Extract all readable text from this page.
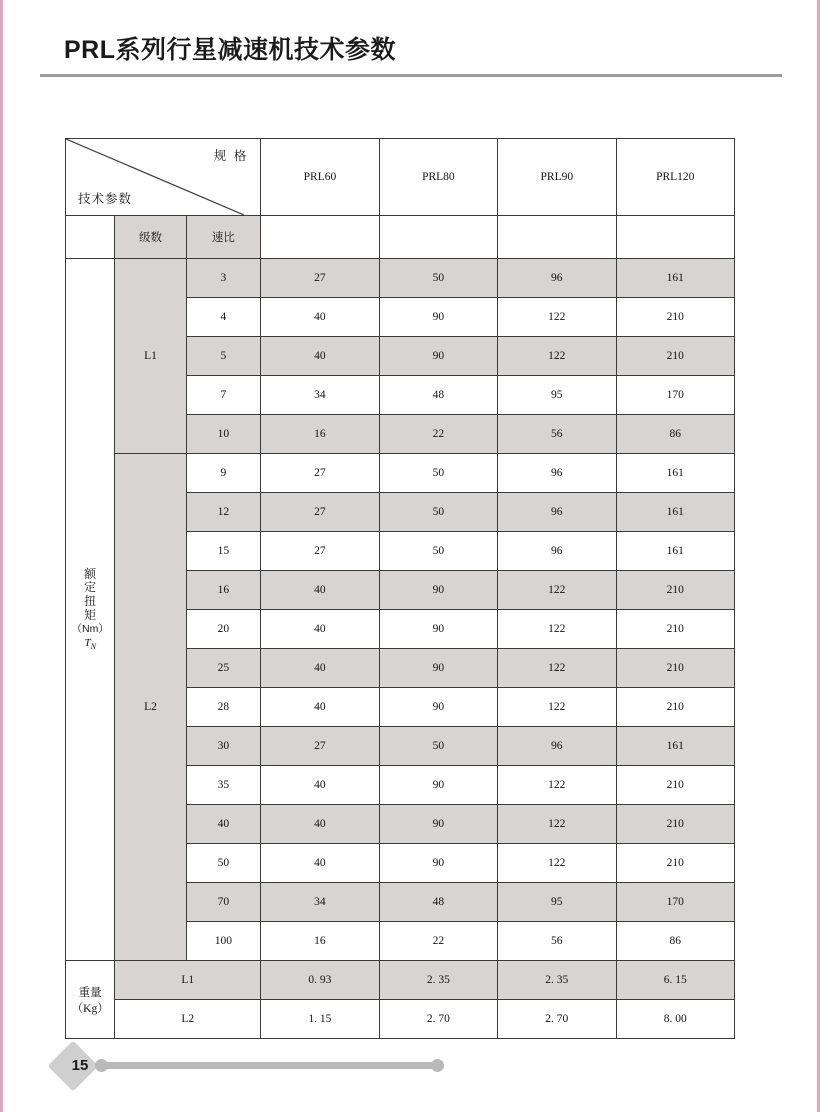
PRL系列行星减速机技术参数
规 格
技术参数			PRL60	PRL80	PRL90	PRL120
	级数	速比				

额
定
扭
矩
（Nm）
$T_N$
	L1	3	27	50	96	161
		4	40	90	122	210
		5	40	90	122	210
		7	34	48	95	170
		10	16	22	56	86
	L2	9	27	50	96	161
		12	27	50	96	161
		15	27	50	96	161
		16	40	90	122	210
		20	40	90	122	210
		25	40	90	122	210
		28	40	90	122	210
		30	27	50	96	161
		35	40	90	122	210
		40	40	90	122	210
		50	40	90	122	210
		70	34	48	95	170
		100	16	22	56	86
重量（Kg）	L1		0. 93	2. 35	2. 35	6. 15
	L2		1. 15	2. 70	2. 70	8. 00
15
